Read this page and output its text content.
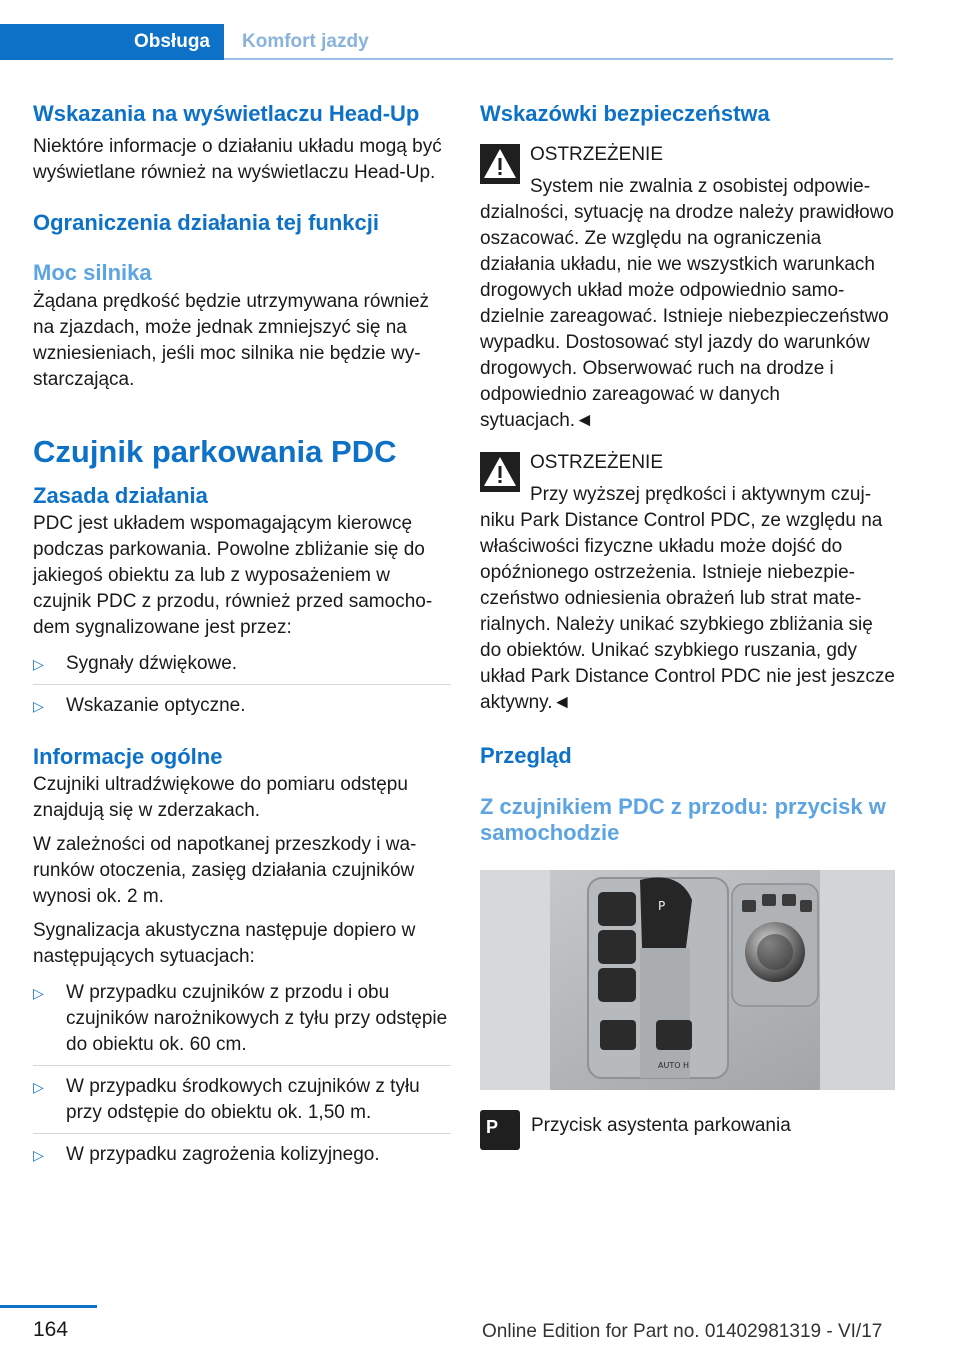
Obsługa	Komfort jazdy
Wskazania na wyświetlaczu Head-Up

Niektóre informacje o działaniu układu mogą być wyświetlane również na wyświetlaczu Head-Up.

Ograniczenia działania tej funkcji
Moc silnika

Żądana prędkość będzie utrzymywana również na zjazdach, może jednak zmniejszyć się na wzniesieniach, jeśli moc silnika nie będzie wystarczająca.

Czujnik parkowania PDC
Zasada działania

PDC jest układem wspomagającym kierowcę podczas parkowania. Powolne zbliżanie się do jakiegoś obiektu za lub z wyposażeniem w czujnik PDC z przodu, również przed samochodem sygnalizowane jest przez:

▷ Sygnały dźwiękowe.
▷ Wskazanie optyczne.
Informacje ogólne

Czujniki ultradźwiękowe do pomiaru odstępu znajdują się w zderzakach.

W zależności od napotkanej przeszkody i warunków otoczenia, zasięg działania czujników wynosi ok. 2 m.

Sygnalizacja akustyczna następuje dopiero w następujących sytuacjach:

▷ W przypadku czujników z przodu i obu czujników narożnikowych z tyłu przy odstępie do obiektu ok. 60 cm.
▷ W przypadku środkowych czujników z tyłu przy odstępie do obiektu ok. 1,50 m.
▷ W przypadku zagrożenia kolizyjnego.
Wskazówki bezpieczeństwa

OSTRZEŻENIE

System nie zwalnia z osobistej odpowiedzialności, sytuację na drodze należy prawidłowo oszacować. Ze względu na ograniczenia działania układu, nie we wszystkich warunkach drogowych układ może odpowiednio samodzielnie zareagować. Istnieje niebezpieczeństwo wypadku. Dostosować styl jazdy do warunków drogowych. Obserwować ruch na drodze i odpowiednio zareagować w danych sytuacjach.◄

OSTRZEŻENIE

Przy wyższej prędkości i aktywnym czujniku Park Distance Control PDC, ze względu na właściwości fizyczne układu może dojść do opóźnionego ostrzeżenia. Istnieje niebezpieczeństwo odniesienia obrażeń lub strat materialnych. Należy unikać szybkiego zbliżania się do obiektów. Unikać szybkiego ruszania, gdy układ Park Distance Control PDC nie jest jeszcze aktywny.◄

Przegląd
Z czujnikiem PDC z przodu: przycisk w samochodzie
P
AUTO H
P Przycisk asystenta parkowania

164	Online Edition for Part no. 01402981319 - VI/17
